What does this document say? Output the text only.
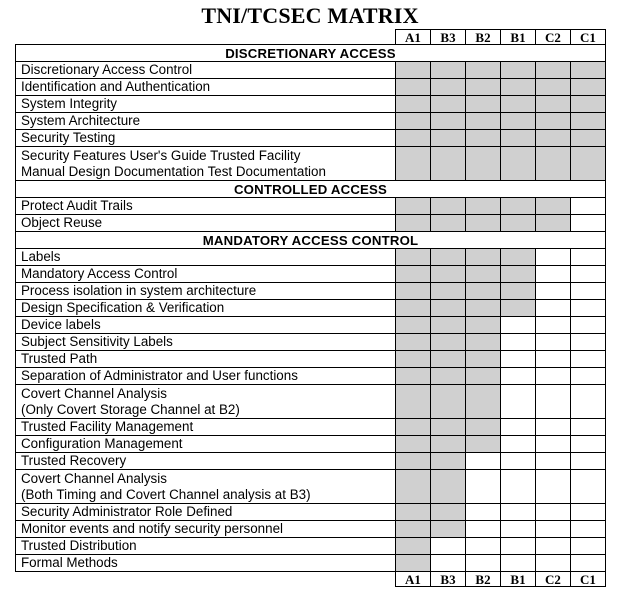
TNI/TCSEC MATRIX
	A1	B3	B2	B1	C2	C1
DISCRETIONARY ACCESS						

Discretionary Access Control						

Identification and Authentication						

System Integrity						

System Architecture						

Security Testing						

Security Features User's Guide Trusted Facility
Manual Design Documentation Test Documentation						

CONTROLLED ACCESS						

Protect Audit Trails						

Object Reuse						

MANDATORY ACCESS CONTROL						

Labels						

Mandatory Access Control						

Process isolation in system architecture						

Design Specification & Verification						

Device labels						

Subject Sensitivity Labels						

Trusted Path						

Separation of Administrator and User functions						

Covert Channel Analysis
(Only Covert Storage Channel at B2)						

Trusted Facility Management						

Configuration Management						

Trusted Recovery						

Covert Channel Analysis
(Both Timing and Covert Channel analysis at B3)						

Security Administrator Role Defined						

Monitor events and notify security personnel						

Trusted Distribution						

Formal Methods						

	A1	B3	B2	B1	C2	C1
